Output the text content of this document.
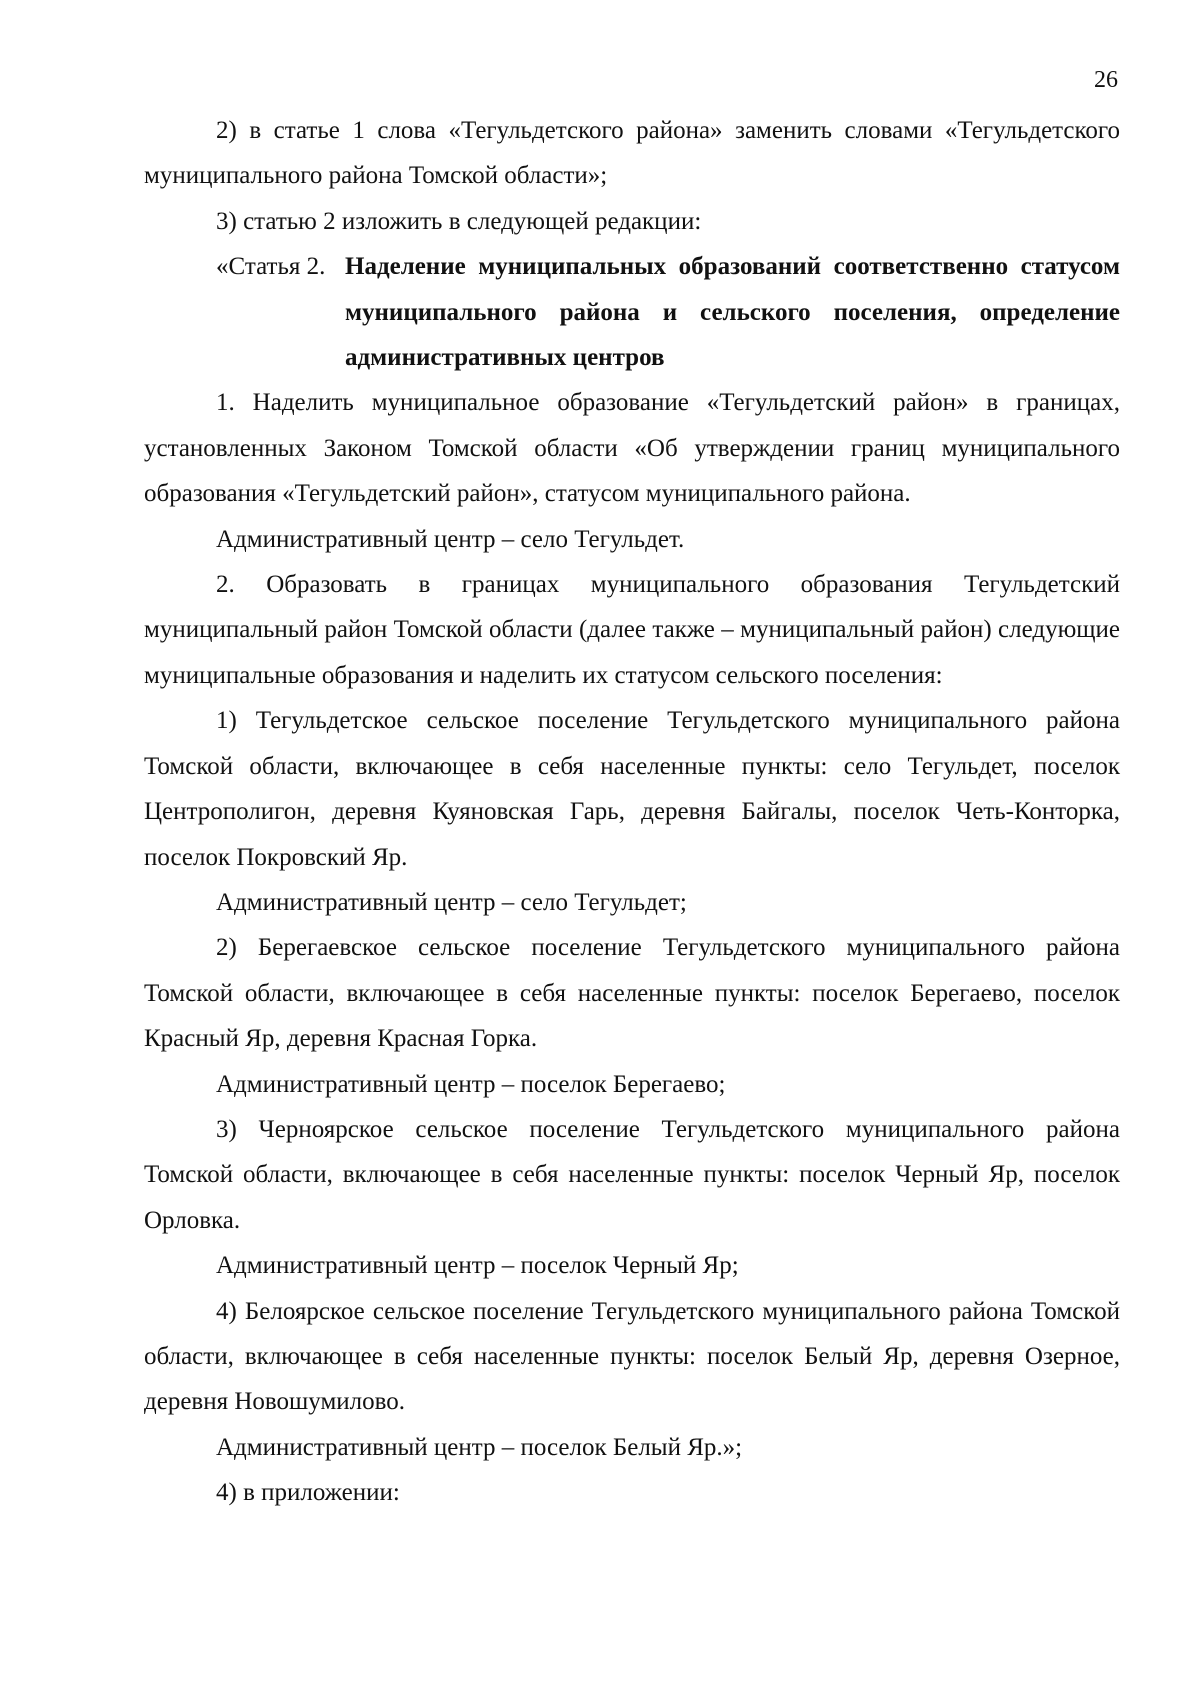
26

2) в статье 1 слова «Тегульдетского района» заменить словами «Тегульдетского муниципального района Томской области»;

3) статью 2 изложить в следующей редакции:

«Статья 2. Наделение муниципальных образований соответственно статусом муниципального района и сельского поселения, определение административных центров

1. Наделить муниципальное образование «Тегульдетский район» в границах, установленных Законом Томской области «Об утверждении границ муниципального образования «Тегульдетский район», статусом муниципального района.

Административный центр – село Тегульдет.

2. Образовать в границах муниципального образования Тегульдетский муниципальный район Томской области (далее также – муниципальный район) следующие муниципальные образования и наделить их статусом сельского поселения:

1) Тегульдетское сельское поселение Тегульдетского муниципального района Томской области, включающее в себя населенные пункты: село Тегульдет, поселок Центрополигон, деревня Куяновская Гарь, деревня Байгалы, поселок Четь-Конторка, поселок Покровский Яр.

Административный центр – село Тегульдет;

2) Берегаевское сельское поселение Тегульдетского муниципального района Томской области, включающее в себя населенные пункты: поселок Берегаево, поселок Красный Яр, деревня Красная Горка.

Административный центр – поселок Берегаево;

3) Черноярское сельское поселение Тегульдетского муниципального района Томской области, включающее в себя населенные пункты: поселок Черный Яр, поселок Орловка.

Административный центр – поселок Черный Яр;

4) Белоярское сельское поселение Тегульдетского муниципального района Томской области, включающее в себя населенные пункты: поселок Белый Яр, деревня Озерное, деревня Новошумилово.

Административный центр – поселок Белый Яр.»;

4) в приложении:
